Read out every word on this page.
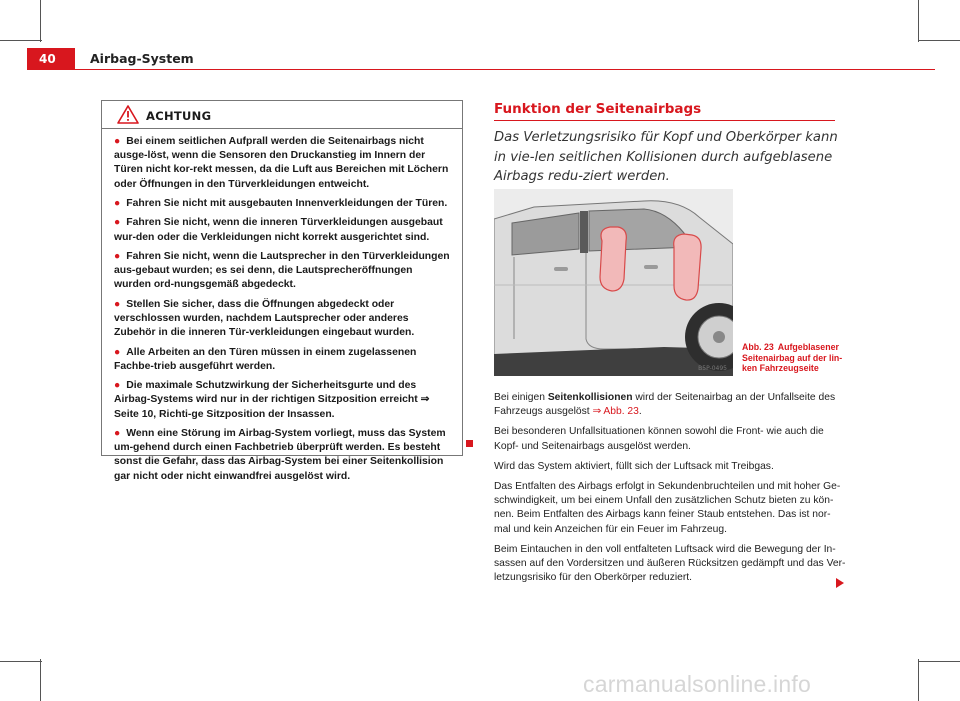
40	Airbag-System
ACHTUNG
● Bei einem seitlichen Aufprall werden die Seitenairbags nicht ausge-löst, wenn die Sensoren den Druckanstieg im Innern der Türen nicht kor-rekt messen, da die Luft aus Bereichen mit Löchern oder Öffnungen in den Türverkleidungen entweicht.
● Fahren Sie nicht mit ausgebauten Innenverkleidungen der Türen.
● Fahren Sie nicht, wenn die inneren Türverkleidungen ausgebaut wur-den oder die Verkleidungen nicht korrekt ausgerichtet sind.
● Fahren Sie nicht, wenn die Lautsprecher in den Türverkleidungen aus-gebaut wurden; es sei denn, die Lautsprecheröffnungen wurden ord-nungsgemäß abgedeckt.
● Stellen Sie sicher, dass die Öffnungen abgedeckt oder verschlossen wurden, nachdem Lautsprecher oder anderes Zubehör in die inneren Tür-verkleidungen eingebaut wurden.
● Alle Arbeiten an den Türen müssen in einem zugelassenen Fachbe-trieb ausgeführt werden.
● Die maximale Schutzwirkung der Sicherheitsgurte und des Airbag-Systems wird nur in der richtigen Sitzposition erreicht ⇒ Seite 10, Richti-ge Sitzposition der Insassen.
● Wenn eine Störung im Airbag-System vorliegt, muss das System um-gehend durch einen Fachbetrieb überprüft werden. Es besteht sonst die Gefahr, dass das Airbag-System bei einer Seitenkollision gar nicht oder nicht einwandfrei ausgelöst wird.
Funktion der Seitenairbags
Das Verletzungsrisiko für Kopf und Oberkörper kann in vie-len seitlichen Kollisionen durch aufgeblasene Airbags redu-ziert werden.
B5P-0495
Abb. 23 Aufgeblasener Seitenairbag auf der lin-ken Fahrzeugseite

Bei einigen Seitenkollisionen wird der Seitenairbag an der Unfallseite des Fahrzeugs ausgelöst ⇒ Abb. 23.

Bei besonderen Unfallsituationen können sowohl die Front- wie auch die Kopf- und Seitenairbags ausgelöst werden.

Wird das System aktiviert, füllt sich der Luftsack mit Treibgas.

Das Entfalten des Airbags erfolgt in Sekundenbruchteilen und mit hoher Ge-schwindigkeit, um bei einem Unfall den zusätzlichen Schutz bieten zu kön-nen. Beim Entfalten des Airbags kann feiner Staub entstehen. Das ist nor-mal und kein Anzeichen für ein Feuer im Fahrzeug.

Beim Eintauchen in den voll entfalteten Luftsack wird die Bewegung der In-sassen auf den Vordersitzen und äußeren Rücksitzen gedämpft und das Ver-letzungsrisiko für den Oberkörper reduziert.

carmanualsonline.info
